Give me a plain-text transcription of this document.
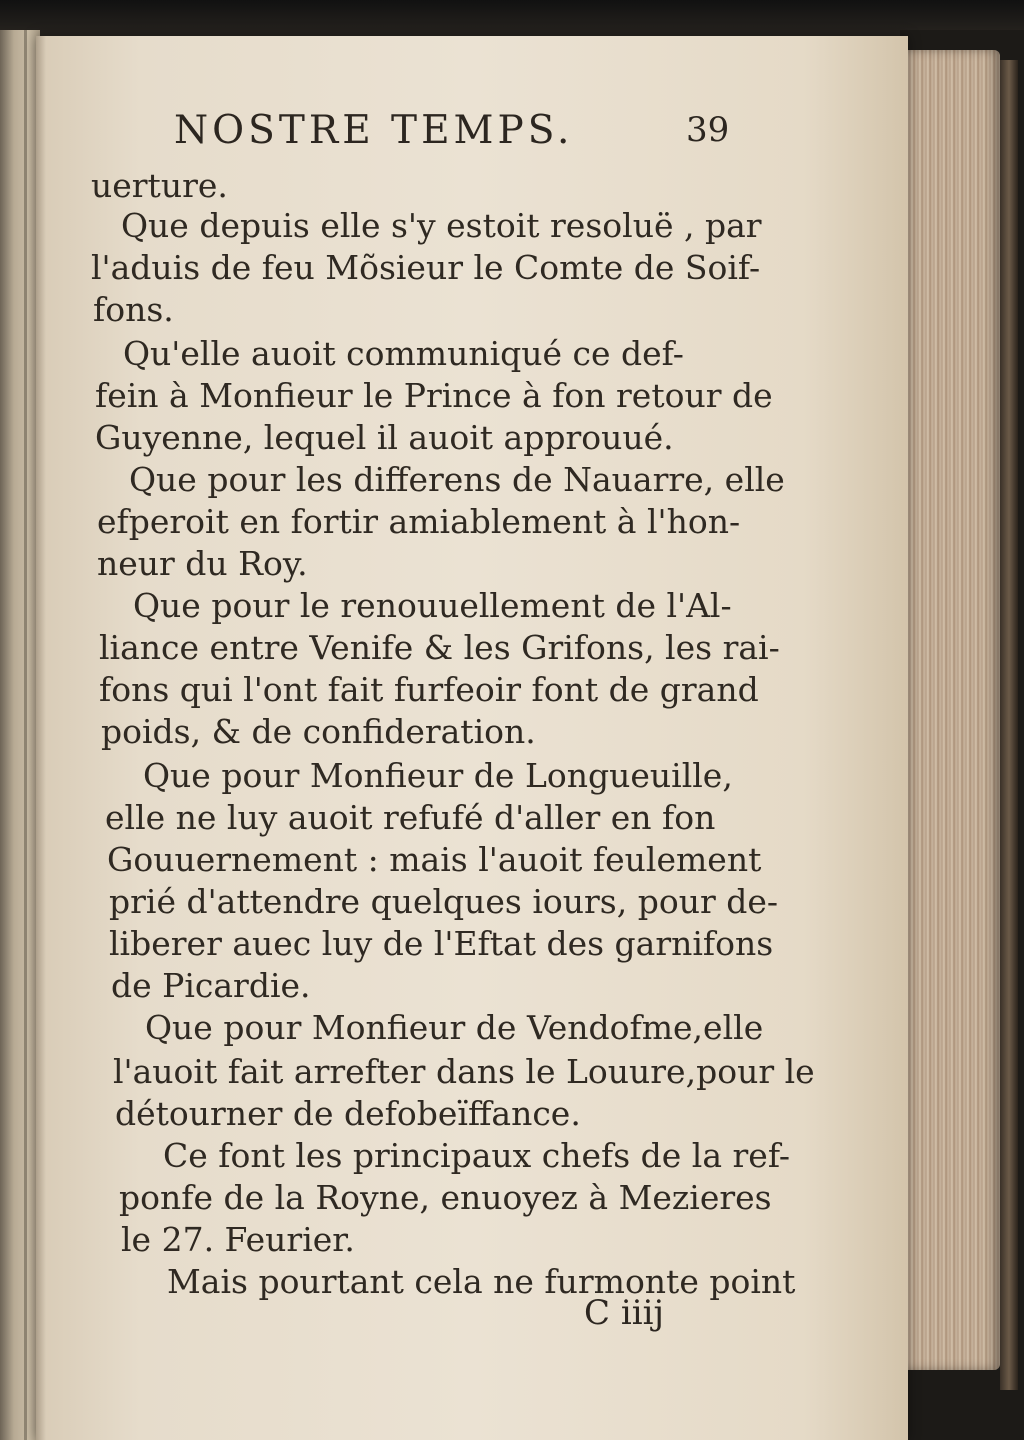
NOSTRE TEMPS.	39
uerture.
Que depuis elle s'y estoit resoluë , par
l'aduis de feu Mõsieur le Comte de Soif-
fons.
Qu'elle auoit communiqué ce def-
fein à Monfieur le Prince à fon retour de
Guyenne, lequel il auoit approuué.
Que pour les differens de Nauarre, elle
efperoit en fortir amiablement à l'hon-
neur du Roy.
Que pour le renouuellement de l'Al-
liance entre Venife & les Grifons, les rai-
fons qui l'ont fait furfeoir font de grand
poids, & de confideration.
Que pour Monfieur de Longueuille,
elle ne luy auoit refufé d'aller en fon
Gouuernement : mais l'auoit feulement
prié d'attendre quelques iours, pour de-
liberer auec luy de l'Eftat des garnifons
de Picardie.
Que pour Monfieur de Vendofme,elle
l'auoit fait arrefter dans le Louure,pour le
détourner de defobeïffance.
Ce font les principaux chefs de la ref-
ponfe de la Royne, enuoyez à Mezieres
le 27. Feurier.
Mais pourtant cela ne furmonte point
C iiij
